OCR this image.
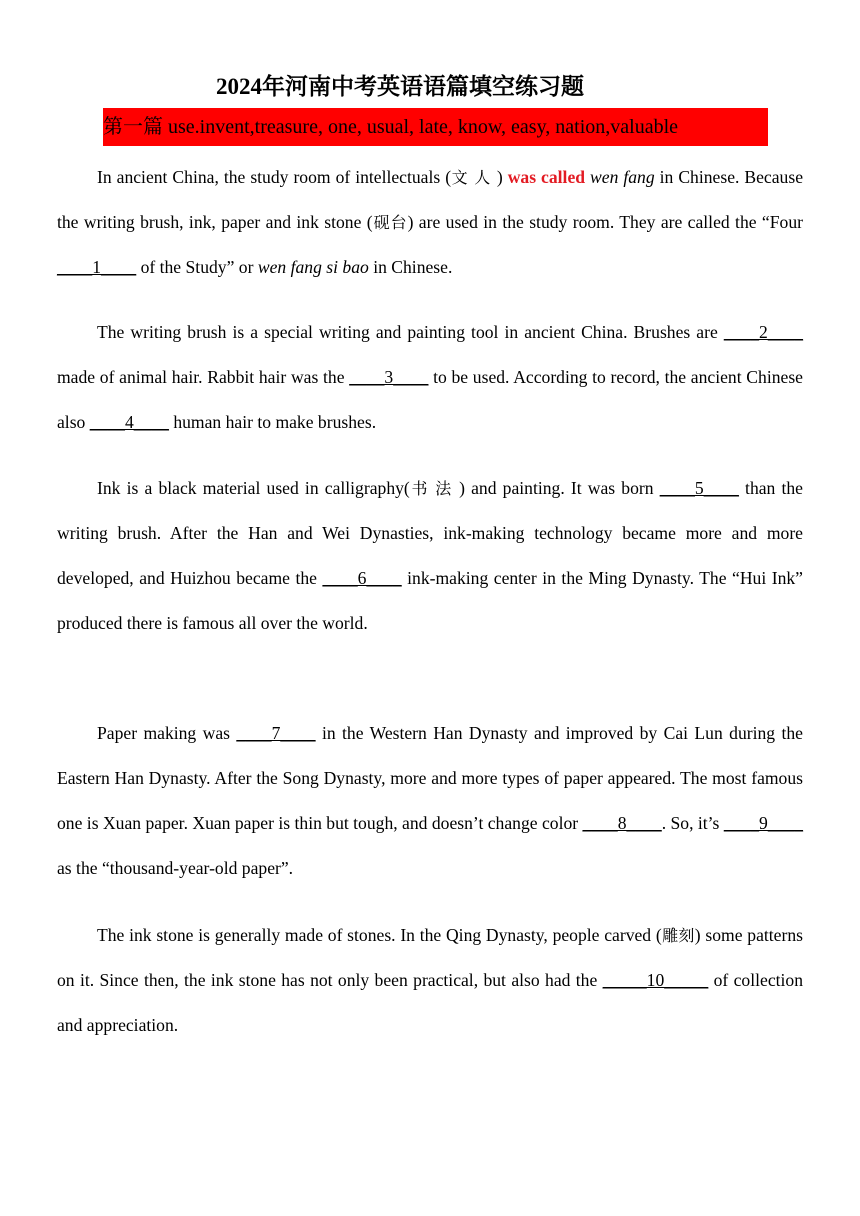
2024年河南中考英语语篇填空练习题
第一篇 use.invent,treasure, one, usual, late, know, easy, nation,valuable

In ancient China, the study room of intellectuals (文人) was called wen fang in Chinese. Because the writing brush, ink, paper and ink stone (砚台) are used in the study room. They are called the “Four ____1____ of the Study” or wen fang si bao in Chinese.

The writing brush is a special writing and painting tool in ancient China. Brushes are ____2____ made of animal hair. Rabbit hair was the ____3____ to be used. According to record, the ancient Chinese also ____4____ human hair to make brushes.

Ink is a black material used in calligraphy(书法) and painting. It was born ____5____ than the writing brush. After the Han and Wei Dynasties, ink-making technology became more and more developed, and Huizhou became the ____6____ ink-making center in the Ming Dynasty. The “Hui Ink” produced there is famous all over the world.

Paper making was ____7____ in the Western Han Dynasty and improved by Cai Lun during the Eastern Han Dynasty. After the Song Dynasty, more and more types of paper appeared. The most famous one is Xuan paper. Xuan paper is thin but tough, and doesn’t change color ____8____. So, it’s ____9____ as the “thousand-year-old paper”.

The ink stone is generally made of stones. In the Qing Dynasty, people carved (雕刻) some patterns on it. Since then, the ink stone has not only been practical, but also had the _____10_____ of collection and appreciation.
